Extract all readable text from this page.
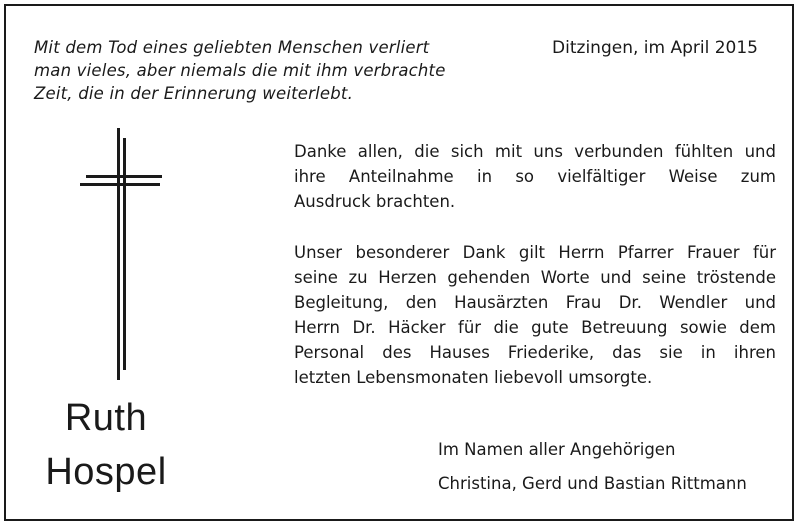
Mit dem Tod eines geliebten Menschen verliert
man vieles, aber niemals die mit ihm verbrachte
Zeit, die in der Erinnerung weiterlebt.
Ditzingen, im April 2015
Ruth
Hospel
Danke allen, die sich mit uns verbunden fühlten und
ihre Anteilnahme in so vielfältiger Weise zum
Ausdruck brachten.
Unser besonderer Dank gilt Herrn Pfarrer Frauer für
seine zu Herzen gehenden Worte und seine tröstende
Begleitung, den Hausärzten Frau Dr. Wendler und
Herrn Dr. Häcker für die gute Betreuung sowie dem
Personal des Hauses Friederike, das sie in ihren
letzten Lebensmonaten liebevoll umsorgte.
Im Namen aller Angehörigen
Christina, Gerd und Bastian Rittmann
